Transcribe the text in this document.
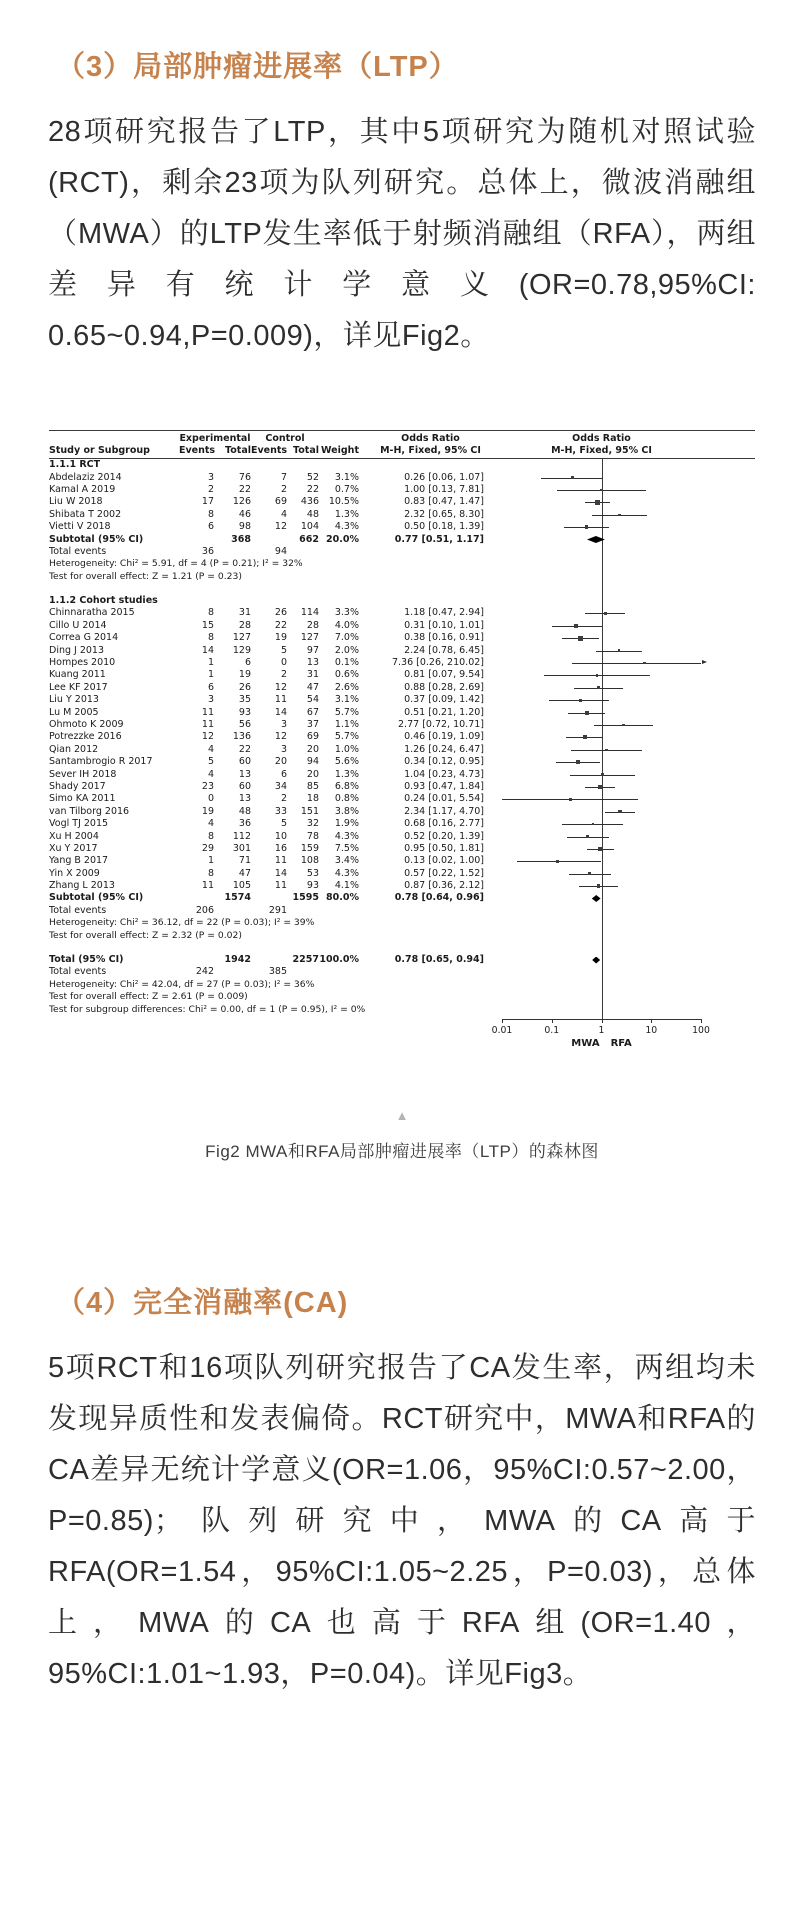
（3）局部肿瘤进展率（LTP）

28项研究报告了LTP，其中5项研究为随机对照试验(RCT)，剩余23项为队列研究。总体上，微波消融组（MWA）的LTP发生率低于射频消融组（RFA），两组差异有统计学意义(OR=0.78,95%CI: 0.65~0.94,P=0.009)，详见Fig2。

Experimental	Control	Odds Ratio	Odds Ratio
Study or Subgroup	Events	Total Events Total Weight	M-H, Fixed, 95% CI	M-H, Fixed, 95% CI
1.1.1 RCT
Abdelaziz 2014	3	76	7	52	3.1%	0.26 [0.06, 1.07]
Kamal A 2019	2	22	2	22	0.7%	1.00 [0.13, 7.81]
Liu W 2018	17	126	69	436	10.5%	0.83 [0.47, 1.47]
Shibata T 2002	8	46	4	48	1.3%	2.32 [0.65, 8.30]
Vietti V 2018	6	98	12	104	4.3%	0.50 [0.18, 1.39]
Subtotal (95% CI)	368	662 20.0%	0.77 [0.51, 1.17]
Total events	36	94
Heterogeneity: Chi² = 5.91, df = 4 (P = 0.21); I² = 32%
Test for overall effect: Z = 1.21 (P = 0.23)
1.1.2 Cohort studies
Chinnaratha 2015	8	31	26	114	3.3%	1.18 [0.47, 2.94]
Cillo U 2014	15	28	22	28	4.0%	0.31 [0.10, 1.01]
Correa G 2014	8	127	19	127	7.0%	0.38 [0.16, 0.91]
Ding J 2013	14	129	5	97	2.0%	2.24 [0.78, 6.45]
Hompes 2010	1	6	0	13	0.1%	7.36 [0.26, 210.02]
Kuang 2011	1	19	2	31	0.6%	0.81 [0.07, 9.54]
Lee KF 2017	6	26	12	47	2.6%	0.88 [0.28, 2.69]
Liu Y 2013	3	35	11	54	3.1%	0.37 [0.09, 1.42]
Lu M 2005	11	93	14	67	5.7%	0.51 [0.21, 1.20]
Ohmoto K 2009	11	56	3	37	1.1%	2.77 [0.72, 10.71]
Potrezzke 2016	12	136	12	69	5.7%	0.46 [0.19, 1.09]
Qian 2012	4	22	3	20	1.0%	1.26 [0.24, 6.47]
Santambrogio R 2017	5	60	20	94	5.6%	0.34 [0.12, 0.95]
Sever IH 2018	4	13	6	20	1.3%	1.04 [0.23, 4.73]
Shady 2017	23	60	34	85	6.8%	0.93 [0.47, 1.84]
Simo KA 2011	0	13	2	18	0.8%	0.24 [0.01, 5.54]
van Tilborg 2016	19	48	33	151	3.8%	2.34 [1.17, 4.70]
Vogl TJ 2015	4	36	5	32	1.9%	0.68 [0.16, 2.77]
Xu H 2004	8	112	10	78	4.3%	0.52 [0.20, 1.39]
Xu Y 2017	29	301	16	159	7.5%	0.95 [0.50, 1.81]
Yang B 2017	1	71	11	108	3.4%	0.13 [0.02, 1.00]
Yin X 2009	8	47	14	53	4.3%	0.57 [0.22, 1.52]
Zhang L 2013	11	105	11	93	4.1%	0.87 [0.36, 2.12]
Subtotal (95% CI)	1574	1595 80.0%	0.78 [0.64, 0.96]
Total events	206	291
Heterogeneity: Chi² = 36.12, df = 22 (P = 0.03); I² = 39%
Test for overall effect: Z = 2.32 (P = 0.02)
Total (95% CI)	1942	2257 100.0%	0.78 [0.65, 0.94]
Total events	242	385
Heterogeneity: Chi² = 42.04, df = 27 (P = 0.03); I² = 36%
Test for overall effect: Z = 2.61 (P = 0.009)
Test for subgroup differences: Chi² = 0.00, df = 1 (P = 0.95), I² = 0%
0.01	0.1	1	10	100
MWA RFA
▲
Fig2 MWA和RFA局部肿瘤进展率（LTP）的森林图
（4）完全消融率(CA)

5项RCT和16项队列研究报告了CA发生率，两组均未发现异质性和发表偏倚。RCT研究中，MWA和RFA的CA差异无统计学意义(OR=1.06，95%CI:0.57~2.00，P=0.85)；队列研究中，MWA的CA高于RFA(OR=1.54，95%CI:1.05~2.25，P=0.03)，总体上，MWA的CA也高于RFA组(OR=1.40，95%CI:1.01~1.93，P=0.04)。详见Fig3。
